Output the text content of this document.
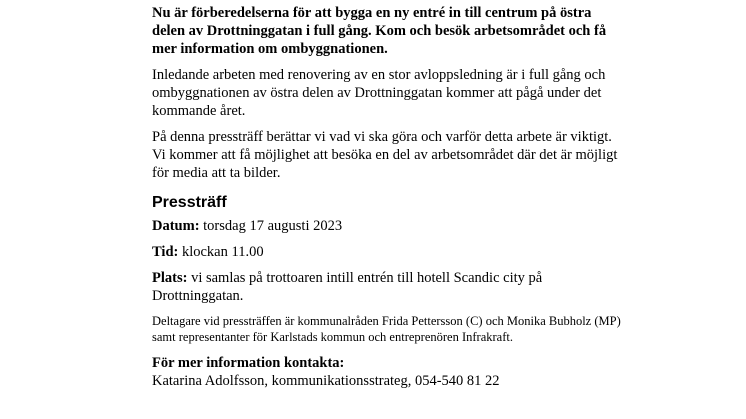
Nu är förberedelserna för att bygga en ny entré in till centrum på östra delen av Drottninggatan i full gång. Kom och besök arbetsområdet och få mer information om ombyggnationen.

Inledande arbeten med renovering av en stor avloppsledning är i full gång och ombyggnationen av östra delen av Drottninggatan kommer att pågå under det kommande året.

På denna pressträff berättar vi vad vi ska göra och varför detta arbete är viktigt. Vi kommer att få möjlighet att besöka en del av arbetsområdet där det är möjligt för media att ta bilder.

Pressträff

Datum: torsdag 17 augusti 2023

Tid: klockan 11.00

Plats: vi samlas på trottoaren intill entrén till hotell Scandic city på Drottninggatan.

Deltagare vid pressträffen är kommunalråden Frida Pettersson (C) och Monika Bubholz (MP) samt representanter för Karlstads kommun och entreprenören Infrakraft.

För mer information kontakta:

Katarina Adolfsson, kommunikationsstrateg, 054-540 81 22
